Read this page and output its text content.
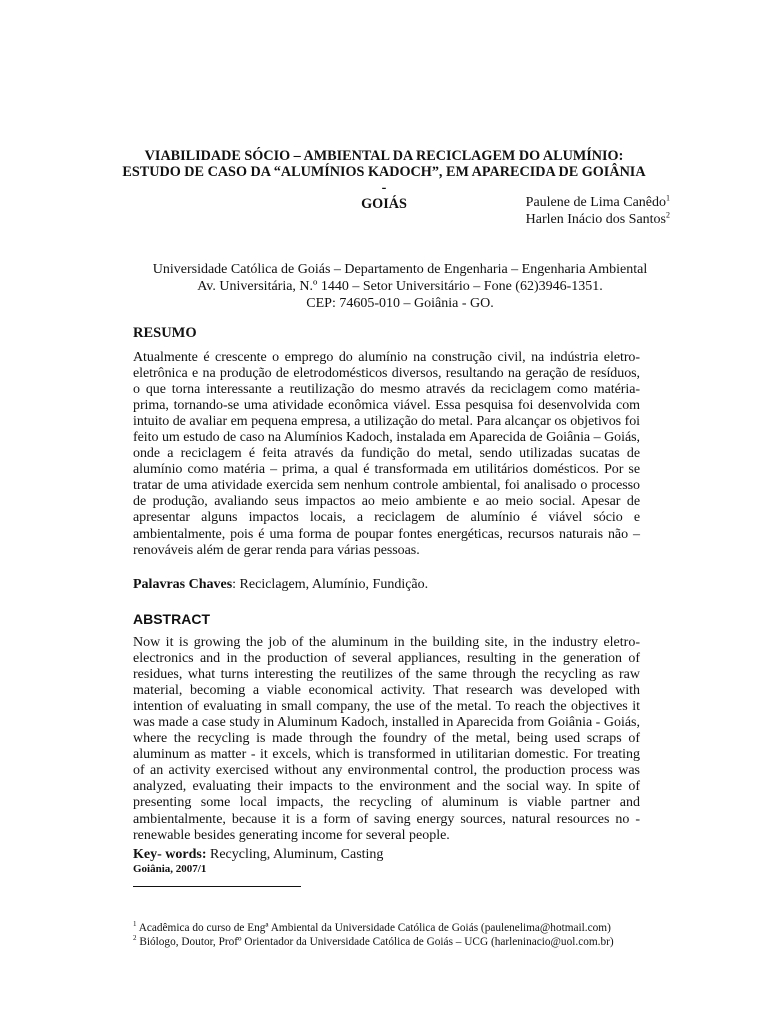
VIABILIDADE SÓCIO – AMBIENTAL DA RECICLAGEM DO ALUMÍNIO:
ESTUDO DE CASO DA “ALUMÍNIOS KADOCH”, EM APARECIDA DE GOIÂNIA -
GOIÁS	Paulene de Lima Canêdo$^1$
Harlen Inácio dos Santos$^2$
Universidade Católica de Goiás – Departamento de Engenharia – Engenharia Ambiental
Av. Universitária, N.º 1440 – Setor Universitário – Fone (62)3946-1351.
CEP: 74605-010 – Goiânia - GO.
RESUMO

Atualmente é crescente o emprego do alumínio na construção civil, na indústria eletro-eletrônica e na produção de eletrodomésticos diversos, resultando na geração de resíduos, o que torna interessante a reutilização do mesmo através da reciclagem como matéria-prima, tornando-se uma atividade econômica viável. Essa pesquisa foi desenvolvida com intuito de avaliar em pequena empresa, a utilização do metal. Para alcançar os objetivos foi feito um estudo de caso na Alumínios Kadoch, instalada em Aparecida de Goiânia – Goiás, onde a reciclagem é feita através da fundição do metal, sendo utilizadas sucatas de alumínio como matéria – prima, a qual é transformada em utilitários domésticos. Por se tratar de uma atividade exercida sem nenhum controle ambiental, foi analisado o processo de produção, avaliando seus impactos ao meio ambiente e ao meio social. Apesar de apresentar alguns impactos locais, a reciclagem de alumínio é viável sócio e ambientalmente, pois é uma forma de poupar fontes energéticas, recursos naturais não – renováveis além de gerar renda para várias pessoas.

Palavras Chaves: Reciclagem, Alumínio, Fundição.
ABSTRACT

Now it is growing the job of the aluminum in the building site, in the industry eletro-electronics and in the production of several appliances, resulting in the generation of residues, what turns interesting the reutilizes of the same through the recycling as raw material, becoming a viable economical activity. That research was developed with intention of evaluating in small company, the use of the metal. To reach the objectives it was made a case study in Aluminum Kadoch, installed in Aparecida from Goiânia - Goiás, where the recycling is made through the foundry of the metal, being used scraps of aluminum as matter - it excels, which is transformed in utilitarian domestic. For treating of an activity exercised without any environmental control, the production process was analyzed, evaluating their impacts to the environment and the social way. In spite of presenting some local impacts, the recycling of aluminum is viable partner and ambientalmente, because it is a form of saving energy sources, natural resources no - renewable besides generating income for several people.

Key- words: Recycling, Aluminum, Casting
Goiânia, 2007/1
$^1$ Acadêmica do curso de Engª Ambiental da Universidade Católica de Goiás (paulenelima@hotmail.com)
$^2$ Biólogo, Doutor, Profº Orientador da Universidade Católica de Goiás – UCG (harleninacio@uol.com.br)
